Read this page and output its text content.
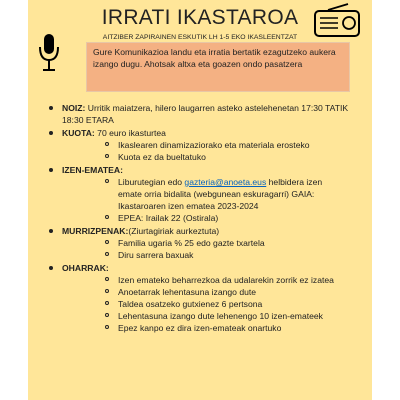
IRRATI IKASTAROA
AITZIBER ZAPIRAINEN ESKUTIK LH 1-5 EKO IKASLEENTZAT
Gure Komunikazioa landu eta irratia bertatik ezagutzeko aukera izango dugu. Ahotsak altxa eta goazen ondo pasatzera
NOIZ: Urritik maiatzera, hilero laugarren asteko astelehenetan 17:30 TATIK 18:30 ETARA
KUOTA: 70 euro ikasturtea
Ikaslearen dinamizaziorako eta materiala erosteko
Kuota ez da bueltatuko
IZEN-EMATEA:
Liburutegian edo gazteria@anoeta.eus helbidera izen emate orria bidalita (webgunean eskuragarri) GAIA: Ikastaroaren izen ematea 2023-2024
EPEA: Irailak 22 (Ostirala)
MURRIZPENAK:(Ziurtagiriak aurkeztuta)
Familia ugaria % 25 edo gazte txartela
Diru sarrera baxuak
OHARRAK:
Izen emateko beharrezkoa da udalarekin zorrik ez izatea
Anoetarrak lehentasuna izango dute
Taldea osatzeko gutxienez 6 pertsona
Lehentasuna izango dute lehenengo 10 izen-emateek
Epez kanpo ez dira izen-emateak onartuko
